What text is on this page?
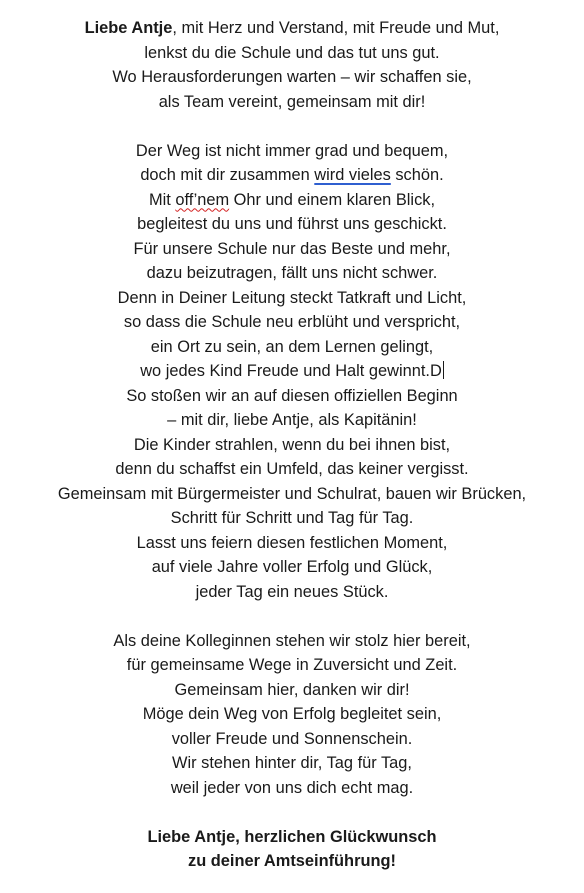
Liebe Antje, mit Herz und Verstand, mit Freude und Mut,
lenkst du die Schule und das tut uns gut.
Wo Herausforderungen warten – wir schaffen sie,
als Team vereint, gemeinsam mit dir!
Der Weg ist nicht immer grad und bequem,
doch mit dir zusammen wird vieles schön.
Mit off’nem Ohr und einem klaren Blick,
begleitest du uns und führst uns geschickt.
Für unsere Schule nur das Beste und mehr,
dazu beizutragen, fällt uns nicht schwer.
Denn in Deiner Leitung steckt Tatkraft und Licht,
so dass die Schule neu erblüht und verspricht,
ein Ort zu sein, an dem Lernen gelingt,
wo jedes Kind Freude und Halt gewinnt.D
So stoßen wir an auf diesen offiziellen Beginn
– mit dir, liebe Antje, als Kapitänin!
Die Kinder strahlen, wenn du bei ihnen bist,
denn du schaffst ein Umfeld, das keiner vergisst.
Gemeinsam mit Bürgermeister und Schulrat, bauen wir Brücken,
Schritt für Schritt und Tag für Tag.
Lasst uns feiern diesen festlichen Moment,
auf viele Jahre voller Erfolg und Glück,
jeder Tag ein neues Stück.
Als deine Kolleginnen stehen wir stolz hier bereit,
für gemeinsame Wege in Zuversicht und Zeit.
Gemeinsam hier, danken wir dir!
Möge dein Weg von Erfolg begleitet sein,
voller Freude und Sonnenschein.
Wir stehen hinter dir, Tag für Tag,
weil jeder von uns dich echt mag.
Liebe Antje, herzlichen Glückwunsch
zu deiner Amtseinführung!
